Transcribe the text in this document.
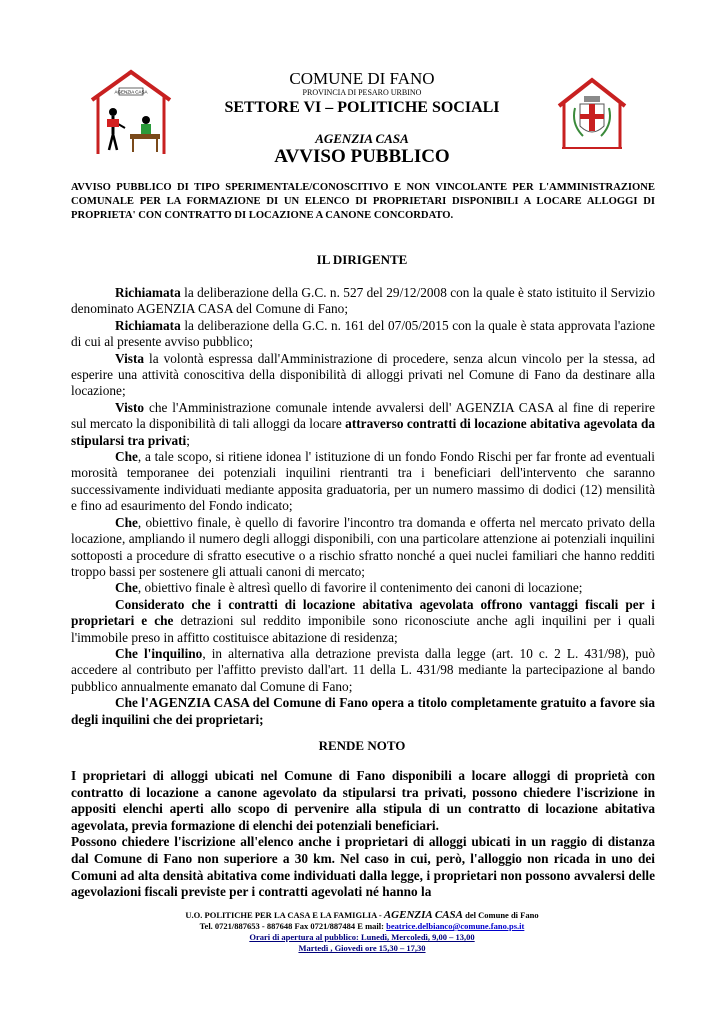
AGENZIA CASA
COMUNE DI FANO
PROVINCIA DI PESARO URBINO
SETTORE VI – POLITICHE SOCIALI
AGENZIA CASA
AVVISO PUBBLICO
AVVISO PUBBLICO DI TIPO SPERIMENTALE/CONOSCITIVO E NON VINCOLANTE PER L'AMMINISTRAZIONE COMUNALE PER LA FORMAZIONE DI UN ELENCO DI PROPRIETARI DISPONIBILI A LOCARE ALLOGGI DI PROPRIETA' CON CONTRATTO DI LOCAZIONE A CANONE CONCORDATO.
IL DIRIGENTE

Richiamata la deliberazione della G.C. n. 527 del 29/12/2008 con la quale è stato istituito il Servizio denominato AGENZIA CASA del Comune di Fano;

Richiamata la deliberazione della G.C. n. 161 del 07/05/2015 con la quale è stata approvata l'azione di cui al presente avviso pubblico;

Vista la volontà espressa dall'Amministrazione di procedere, senza alcun vincolo per la stessa, ad esperire una attività conoscitiva della disponibilità di alloggi privati nel Comune di Fano da destinare alla locazione;

Visto che l'Amministrazione comunale intende avvalersi dell' AGENZIA CASA al fine di reperire sul mercato la disponibilità di tali alloggi da locare attraverso contratti di locazione abitativa agevolata da stipularsi tra privati;

Che, a tale scopo, si ritiene idonea l' istituzione di un fondo Fondo Rischi per far fronte ad eventuali morosità temporanee dei potenziali inquilini rientranti tra i beneficiari dell'intervento che saranno successivamente individuati mediante apposita graduatoria, per un numero massimo di dodici (12) mensilità e fino ad esaurimento del Fondo indicato;

Che, obiettivo finale, è quello di favorire l'incontro tra domanda e offerta nel mercato privato della locazione, ampliando il numero degli alloggi disponibili, con una particolare attenzione ai potenziali inquilini sottoposti a procedure di sfratto esecutive o a rischio sfratto nonché a quei nuclei familiari che hanno redditi troppo bassi per sostenere gli attuali canoni di mercato;

Che, obiettivo finale è altresì quello di favorire il contenimento dei canoni di locazione;

Considerato che i contratti di locazione abitativa agevolata offrono vantaggi fiscali per i proprietari e che detrazioni sul reddito imponibile sono riconosciute anche agli inquilini per i quali l'immobile preso in affitto costituisce abitazione di residenza;

Che l'inquilino, in alternativa alla detrazione prevista dalla legge (art. 10 c. 2 L. 431/98), può accedere al contributo per l'affitto previsto dall'art. 11 della L. 431/98 mediante la partecipazione al bando pubblico annualmente emanato dal Comune di Fano;

Che l'AGENZIA CASA del Comune di Fano opera a titolo completamente gratuito a favore sia degli inquilini che dei proprietari;

RENDE NOTO

I proprietari di alloggi ubicati nel Comune di Fano disponibili a locare alloggi di proprietà con contratto di locazione a canone agevolato da stipularsi tra privati, possono chiedere l'iscrizione in appositi elenchi aperti allo scopo di pervenire alla stipula di un contratto di locazione abitativa agevolata, previa formazione di elenchi dei potenziali beneficiari.

Possono chiedere l'iscrizione all'elenco anche i proprietari di alloggi ubicati in un raggio di distanza dal Comune di Fano non superiore a 30 km. Nel caso in cui, però, l'alloggio non ricada in uno dei Comuni ad alta densità abitativa come individuati dalla legge, i proprietari non possono avvalersi delle agevolazioni fiscali previste per i contratti agevolati né hanno la

U.O. POLITICHE PER LA CASA E LA FAMIGLIA - AGENZIA CASA del Comune di Fano
Tel. 0721/887653 - 887648 Fax 0721/887484 E mail: beatrice.delbianco@comune.fano.ps.it
Orari di apertura al pubblico: Lunedì, Mercoledì, 9,00 – 13,00
Martedì , Giovedì ore 15,30 – 17,30
